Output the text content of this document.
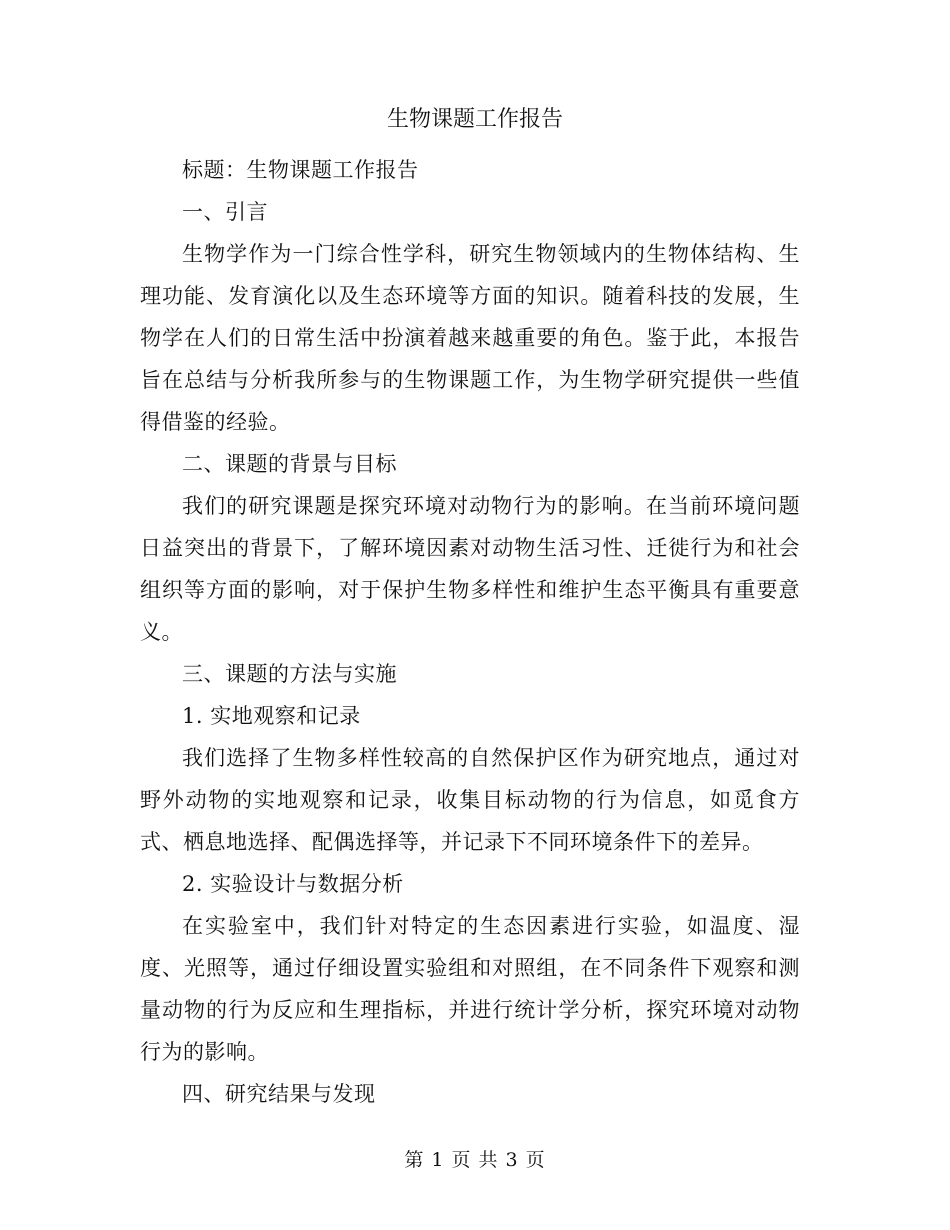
生物课题工作报告

标题：生物课题工作报告

一、引言

生物学作为一门综合性学科，研究生物领域内的生物体结构、生理功能、发育演化以及生态环境等方面的知识。随着科技的发展，生物学在人们的日常生活中扮演着越来越重要的角色。鉴于此，本报告旨在总结与分析我所参与的生物课题工作，为生物学研究提供一些值得借鉴的经验。

二、课题的背景与目标

我们的研究课题是探究环境对动物行为的影响。在当前环境问题日益突出的背景下，了解环境因素对动物生活习性、迁徙行为和社会组织等方面的影响，对于保护生物多样性和维护生态平衡具有重要意义。

三、课题的方法与实施

1. 实地观察和记录

我们选择了生物多样性较高的自然保护区作为研究地点，通过对野外动物的实地观察和记录，收集目标动物的行为信息，如觅食方式、栖息地选择、配偶选择等，并记录下不同环境条件下的差异。

2. 实验设计与数据分析

在实验室中，我们针对特定的生态因素进行实验，如温度、湿度、光照等，通过仔细设置实验组和对照组，在不同条件下观察和测量动物的行为反应和生理指标，并进行统计学分析，探究环境对动物行为的影响。

四、研究结果与发现

第 1 页 共 3 页
